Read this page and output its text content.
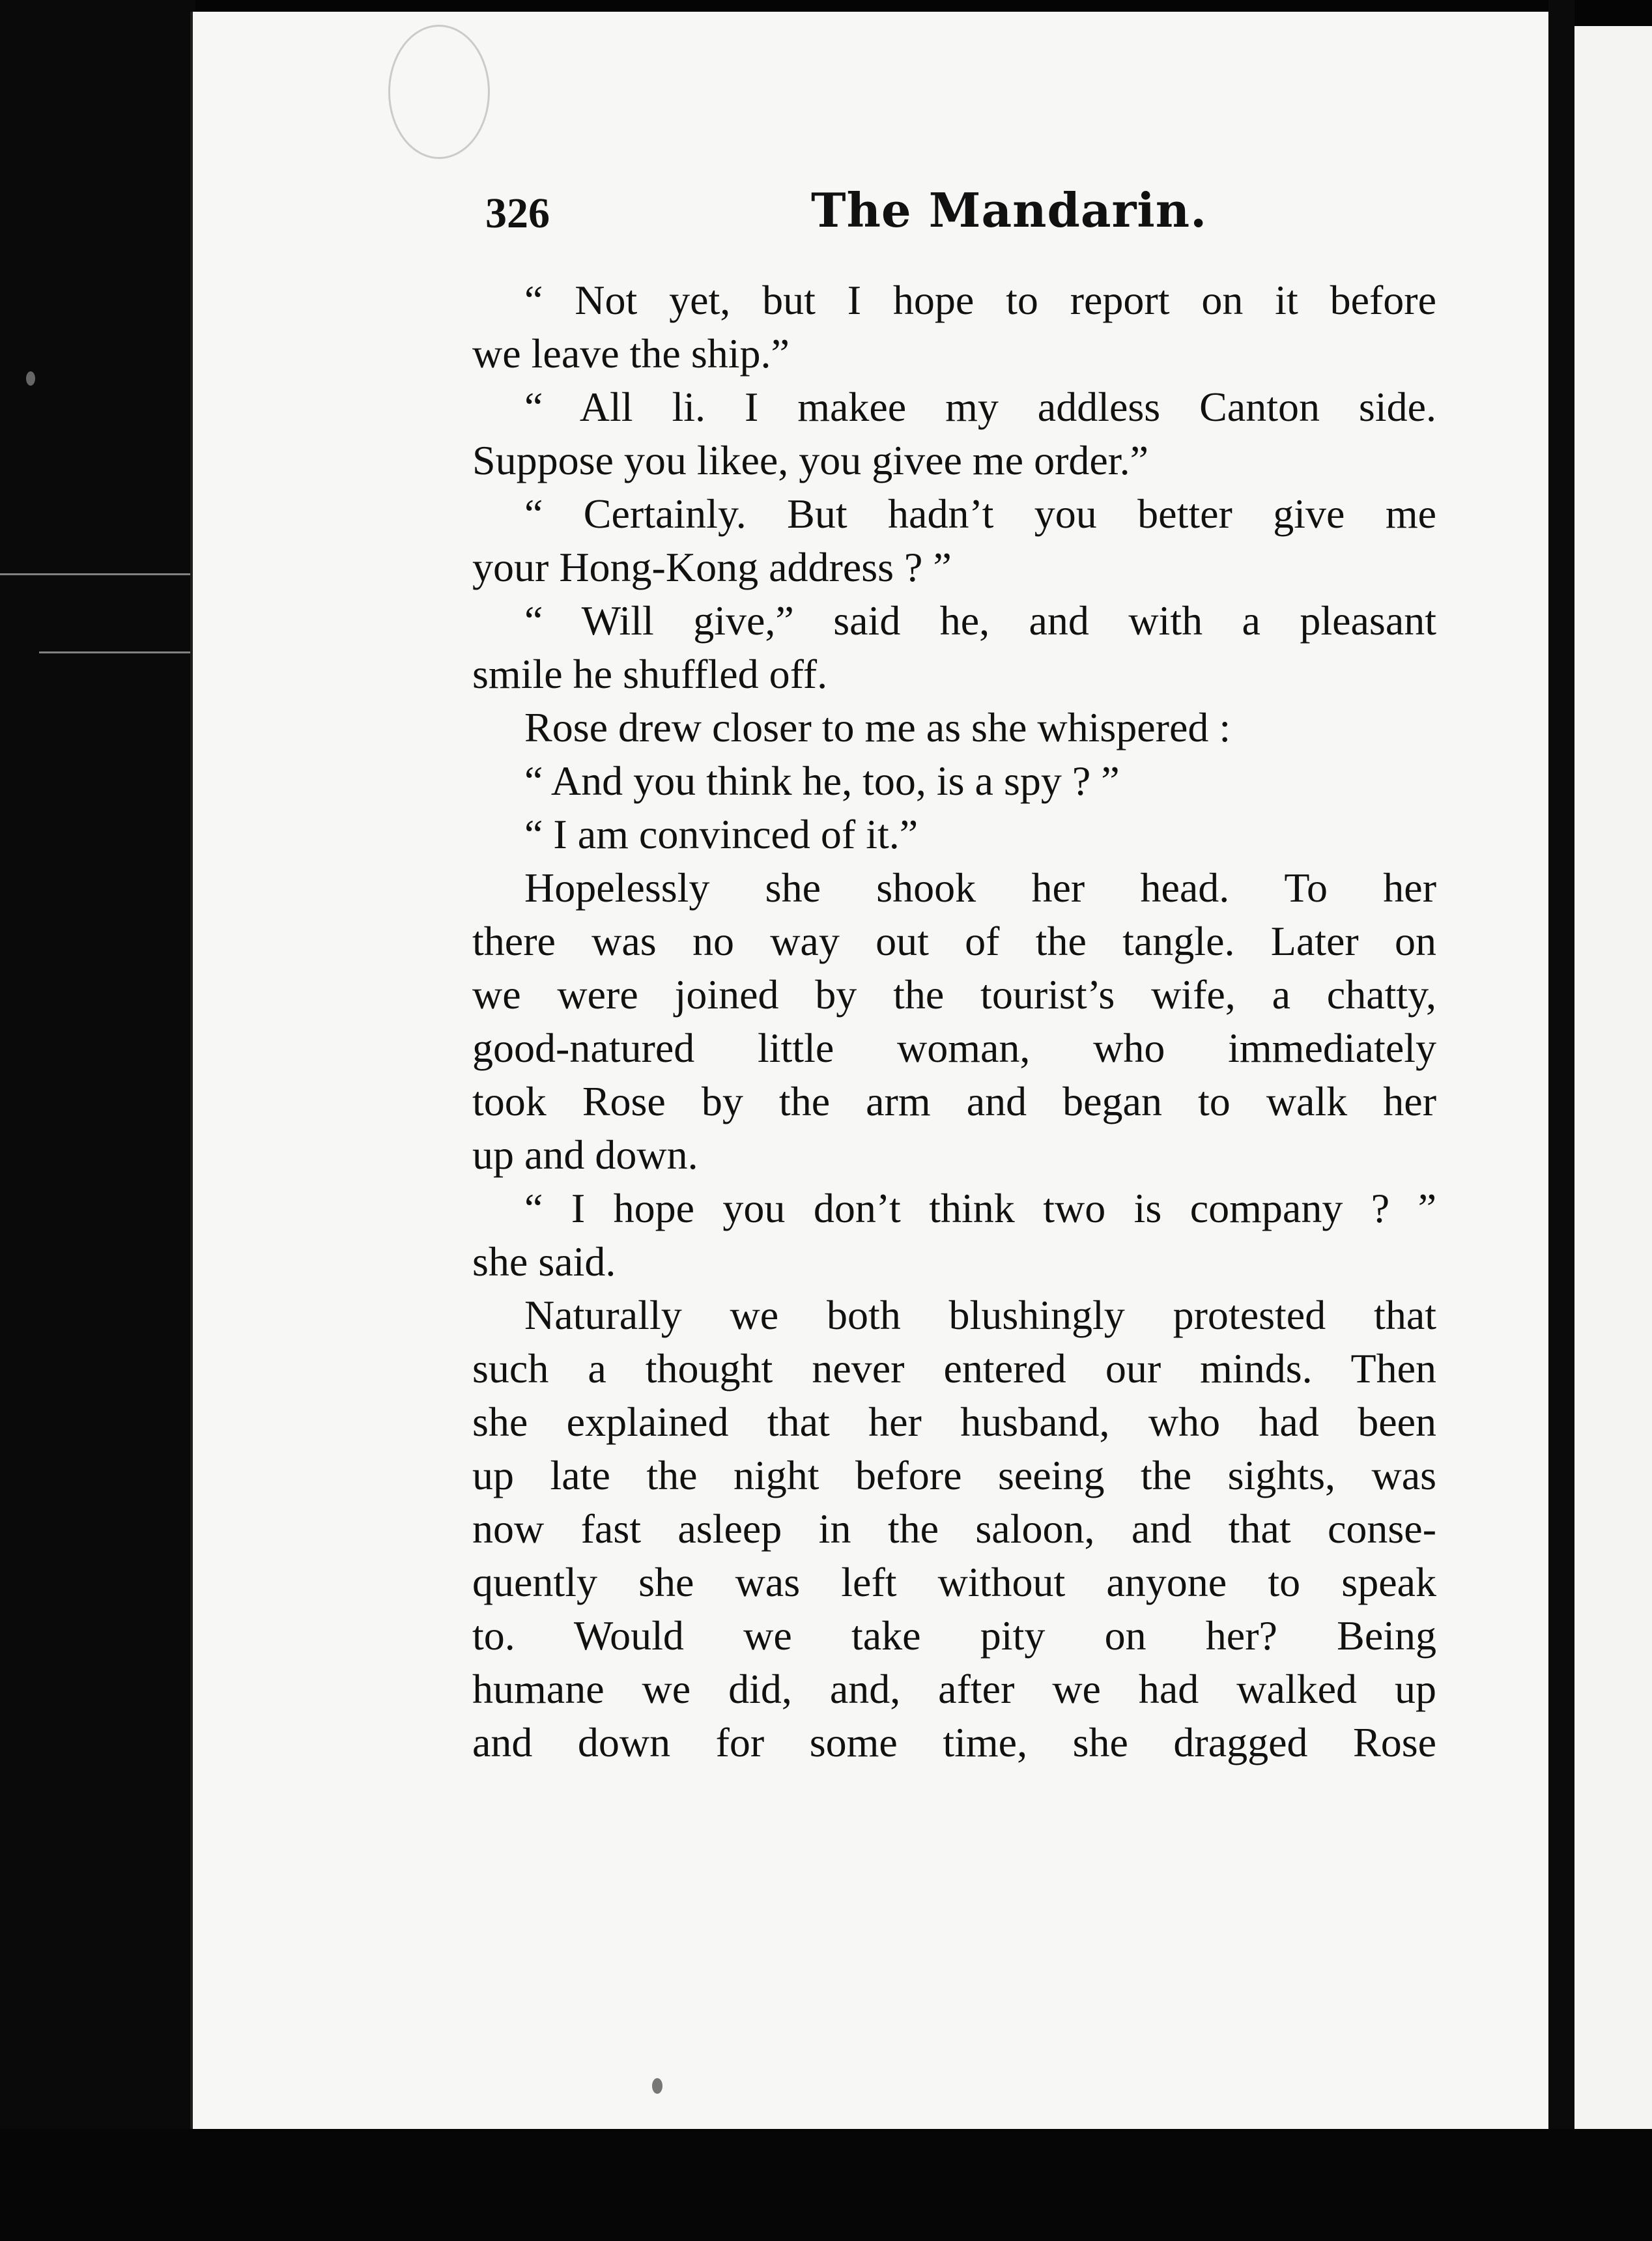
326	The Mandarin.
“ Not yet, but I hope to report on it before
we leave the ship.”
“ All li. I makee my addless Canton side.
Suppose you likee, you givee me order.”
“ Certainly. But hadn’t you better give me
your Hong-Kong address ? ”
“ Will give,” said he, and with a pleasant
smile he shuffled off.
Rose drew closer to me as she whispered :
“ And you think he, too, is a spy ? ”
“ I am convinced of it.”
Hopelessly she shook her head. To her
there was no way out of the tangle. Later on
we were joined by the tourist’s wife, a chatty,
good-natured little woman, who immediately
took Rose by the arm and began to walk her
up and down.
“ I hope you don’t think two is company ? ”
she said.
Naturally we both blushingly protested that
such a thought never entered our minds. Then
she explained that her husband, who had been
up late the night before seeing the sights, was
now fast asleep in the saloon, and that conse-
quently she was left without anyone to speak
to. Would we take pity on her? Being
humane we did, and, after we had walked up
and down for some time, she dragged Rose
